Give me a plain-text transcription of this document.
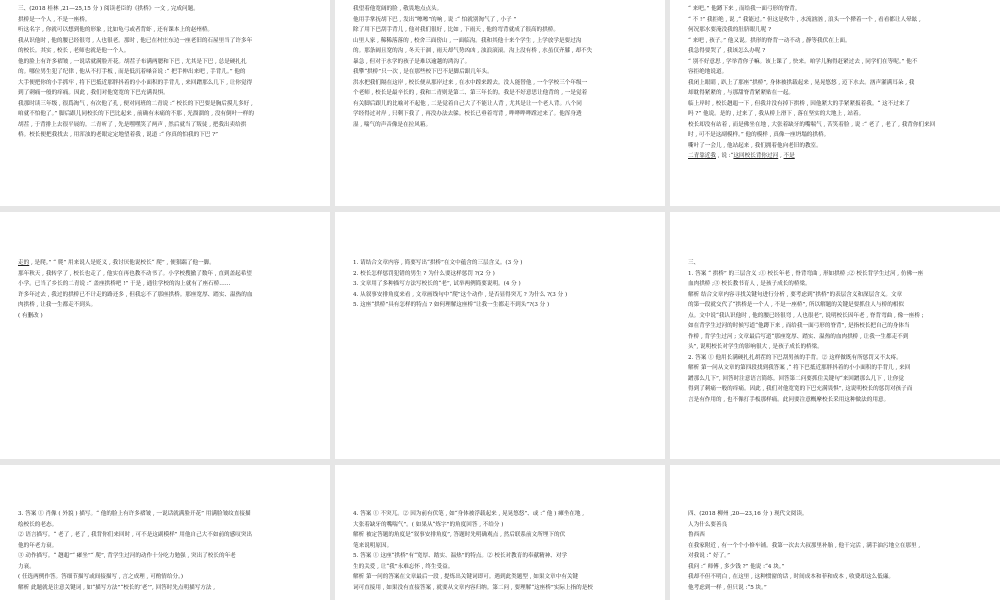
三、(2018 桂林 ,21—25,15 分 ) 阅读老臣的《拱桥》一文 , 完成问题。
拱桥是一个人 , 不是一座桥。
听这名字 , 你就可以想到他的形象 , 比如龟弓或者背虾 , 还有课本上的赵州桥。
我从识他时 , 他的腰已经很弯 , 人也很老。那时 , 他已在村庄东边一座老旧的石屋里当了许多年
的校长。其实 , 校长 , 老师也就是他一个人。
他的脸上有许多褶皱 , 一说话就满脸开花。胡茬子布满两腮和下巴 , 尤其是下巴 , 总是硬扎扎
的。哪位男生犯了纪律 , 他从不打手板 , 而是低沉着嗓音说 :“ 把手伸出来吧 , 手背儿。” 他的
大手便把你的小手抓牢 , 将下巴抵近那胖抖着的小小面积的手背儿 , 来回蹭那么几下 , 让你觉得
到了刺痛一般的痒痛。因此 , 我们对他宽宽的下巴充满畏惧。
我那时读三年级 , 很爲淘气 , 有次他了孔 , 便对同班的二青说 :“ 校长的下巴要是胸后摸儿多好 ,
咱就不怕他了。” 脚后跟儿同校长的下巴比起来 , 前确有未痛的不那 , 光溜溜的 , 没有倒叶一样的
胡茬 , 于背排上去很平展的。二青听了 , 先是嘿嘿笑了两声 , 然后就当了叛徒 , 把我出卖给拱
桥。校长便把我找去 , 用浑浊的老眼定定地望着我 , 说道 :“ 你真的怕我的下巴 ?”
我望着他宽阔的脸 , 敬畏地点点头。
他用手掌抚胡下巴 , 发出“嚓嚓”的响 , 说 :“ 怕就别淘气了 , 小子 ”
除了用下巴刮手背儿 , 他对我们很好 , 比如 , 下雨天 , 他的弯背就成了很高的拱桥。
山里人家 , 稀稀落落的 , 校舍三面傍山 , 一面临沟。我和其他十来个学生 , 上学放学是要过沟
的。那条阔且宽的沟 , 冬天干涸 , 雨天却气势凶凶 , 浊浪滚滚。沟上没有桥 , 水虽仅齐膝 , 却不失
暴急 , 但对于水学的孩子是难以逾越的鸿沟了。
我攀“拱桥”只一次 , 是在那些校下巴不是脚后跟几年头。
洪水把我们隔在这岸 , 校长便从那岸过来 , 在水中蹚来蹚去。没人能替他 , 一个学校三个年级一
个老师 , 校长是最辛长的 , 我和二青则是第二、第三年长的。我是不好意思让他背的 , 一是觉着
有关脚后跟儿的比喻对不起他 , 二是觉着自己大了不能让人背 , 尤其是让一个老人背。八个同
学经得过对岸 , 只剩下我了 , 再没办法去躲。校长已垂着弯背 , 哗哗哗哗蹚过来了。他浑身透
湿 , 喘气的声音像是在拉风箱。
“ 来吧。” 他蹲下来 , 而给我一面弓形的脊背。
“ 不 !” 我拒绝 , 说 ,“ 我能过。” 但这是吹牛 , 水流汹汹 , 浪头一个撵着一个 , 看看都让人晕眩 ,
何况那水要淹没我的肚脐眼儿呢 ?
“ 来吧 , 孩子。” 他又说。拱形的脊背一动不动 , 静等我伏在上面。
我急得要哭了 , 我该怎么办呢 ?
“ 别不好意思 , 学举背你子嘛。该上课了 , 快来。咱学儿胸得赶紧过去 , 同学们在等呢。” 他不
容拒绝地说道。
我闭上眼睛 , 趴上了那座“拱桥”, 身体被拱载起来 , 晃晃悠悠 , 迈下水去。汹声灌满耳朵 , 我
却耽得紧紧的 , 与那甜脊背紧紧贴在一起。
临上岸时 , 校长趔趄一下 , 但我并没有掉下拱桥 , 因他紧大的手紧紧扳着我。“ 这不过来了
吗 ?” 他说。是的 , 过来了 , 我从桥上滑下 , 落在坚实的大地上 , 站着。
校长却没有站着 , 而是佛坐在地 , 大张着缺牙的嘴喘气 , 苦笑着脸 , 说 :“ 老了 , 老了 , 我背你们来回
时 , 可不是这副模样。” 他的模样 , 真像一座坍塌的拱桥。
嘶叶了一会儿 , 他站起来 , 我们拥着他向老旧的教室。
二青靠近我 , 说 :“这回校长背你过河 , 不是
走的 , 是爬。” “ 爬” 用来说人是贬义 , 我讨厌他说校长“ 爬” , 便狠踹了他一脚。
那年秋天 , 我转学了 , 校长也走了 , 他实在再也教不动书了。小学校搜撤了数年 , 直到盖起希望
小学。已当了乡长的二青说 :“ 盖座拱桥吧 !” 于是 , 通往学校的沟上就有了座石桥……
许多年过去 , 我过的拱桥已不计走的路还多 , 但我忘不了那座拱桥。那座宽厚、踏实、温热的血
肉拱桥 , 让我一生都走不到头。
( 有删改 )
1. 请结合文章内容 , 简要写出“拱桥”在文中蕴含的三层含义。(3 分 )
2. 校长怎样惩罚犯错的男生 ? 为什么要这样惩罚 ?(2 分 )
3. 文章用了多种描写方法写校长的“老”, 试举两例简要说明。(4 分 )
4. 从叙事安排角度来看 , 文章画线句中“爬”这个动作 , 是否显得突兀 ? 为什么 ?(3 分 )
5. 这座“拱桥”具有怎样的特点 ? 如何理解这座桥“让我一生都走不到头”?(3 分 )
三、
1. 答案 “ 拱桥” 的三层含义 :① 校长年老 , 脊背弯曲 , 形如拱桥 ;② 校长背学生过河 , 仿佛一座
血肉拱桥 ;③ 校长教书育人 , 是孩子成长的桥梁。
解析 结合文章内容寻找关键句进行分析 , 要考虑到“拱桥”的表层含义和深层含义。文章
的第一段就交代了“拱桥是一个人 , 不是一座桥”, 所以解题的关键是要抓住人与桥的相似
点。文中说“我认识他时 , 他的腰已经很弯 , 人也很老”, 说明校长因年老 , 脊背弯曲 , 像一座桥 ;
如在背学生过河的时候写道“他蹲下来 , 而给我一面弓形的脊背”, 是指校长把自己的身体当
作桥 , 背学生过河 ; 文章最后写道“那座宽厚、踏实、温热的血肉拱桥 , 让我一生都走不到
头”, 说明校长对学生的影响很大 , 是孩子成长的桥梁。
2. 答案 ① 他用长满硬扎扎胡茬的下巴刮男孩的手背。② 这样做既有所惩罚又不太疼。
解析 第一问从文章的第四段找到我答案 ,“ 将下巴抵近那胖抖着的小小面积的手背儿 , 来回
蹭那么几下”, 回答时注意语言简练。回答第二问要抓住关键句“来回蹭那么几下 , 让你觉
得到了刺痛一般的痒痛。因此 , 我们对他宽宽的下巴充满畏惧”, 这说明校长的惩罚对孩子而
言是有作用的 , 也不像打手板那样痛。此问要注意概摩校长采用这种做法的用意。
3. 答案 ① 肖像 ( 外貌 ) 描写。“ 他的脸上有许多褶皱 , 一说话就满脸开花” 用满脸皱纹直接描
绘校长的老态。
② 语言描写。“ 老了 , 老了 , 我背你们来回时 , 可不是这副模样” 用他自己大不如前的感叹突出
他的年老力衰。
③ 动作描写。“ 趔趄”“ 瘫坐”“ 爬”, 背学生过河的动作十分吃力勉强 , 突出了校长的年老
力衰。
( 任选两例作答。答细节描写或间接描写 , 言之成理 , 可酌情给分。)
解析 此题就是注意关键词 , 如“描写方法”“校长的‘老’”, 回答时先点明描写方法 ,
4. 答案 ① 不突兀。② 因为前有伏笔 , 如“身体被浮载起来 , 晃晃悠悠”、或 :“ 他 ) 瘫坐在地 ,
大张着缺牙的嘴喘气”。( 如果从“炼字”的角度回答 , 不给分 )
解析 被定答题的角度是“叙事安排角度”, 答题时先明确观点 , 然后联系前文所埋下的伏
笔来说明原因。
5. 答案 ① 这座“拱桥”有“宽厚、踏实、温热”的特点。② 校长对教育的奉献精神、对学
生的关爱 , 让“我”永难忘怀 , 终生受益。
解析 第一问的答案在文章最后一段 , 提炼出关键词即可。遇到此类题型 , 如果文章中有关键
词可直接用 , 如果没有直接答案 , 就要从文章内容归纳。第二问 , 要理解“这座桥”实际上指的是校
四、(2018 柳州 ,20—23,16 分 ) 现代文阅读。
人为什么要善良
鲁西西
在我家附近 , 有一个个小修车铺。我第一次去大叔那里补胎 , 他干完活 , 满手油污地立在那里 ,
对我说 :“ 好了。”
我问 :“ 师傅 , 多少钱 ?” 他说 :“4 块。”
我却不但不明白 , 在这里 , 这种惯窗的话 , 时间成本和菲和成本 , 收费却这么低廉。
他考虑到一样 , 但只说 :“5 块。”
